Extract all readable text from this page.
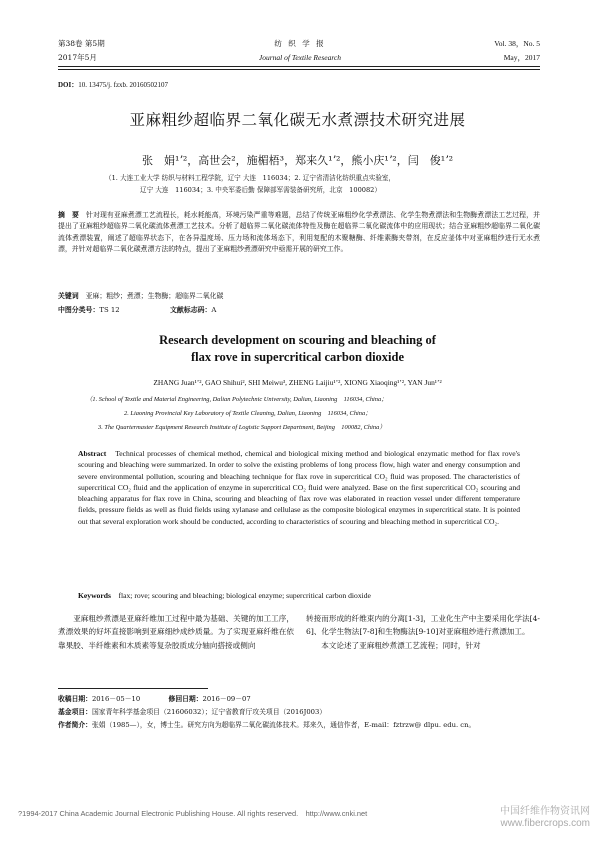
第38卷 第5期
2017年5月
纺 织 学 报
Journal of Textile Research
Vol. 38，No. 5
May，2017
DOI：10. 13475/j. fzxb. 20160502107
亚麻粗纱超临界二氧化碳无水煮漂技术研究进展
张　娟¹ʼ²，高世会²，施楣梧³，郑来久¹ʼ²，熊小庆¹ʼ²，闫　俊¹ʼ²
（1. 大连工业大学 纺织与材料工程学院，辽宁 大连　116034；2. 辽宁省清洁化纺织重点实验室，
辽宁 大连　116034；3. 中央军委后勤 保障部军需装备研究所，北京　100082）
摘　要　 针对现有亚麻煮漂工艺流程长，耗水耗能高，环境污染严重等难题，总结了传统亚麻粗纱化学煮漂法、化学生物煮漂法和生物酶煮漂法工艺过程，并提出了亚麻粗纱超临界二氧化碳流体煮漂工艺技术。分析了超临界二氧化碳流体特性及酶在超临界二氧化碳流体中的应用现状；结合亚麻粗纱超临界二氧化碳流体煮漂装置，阐述了超临界状态下，在各异温度场、压力场和流体场态下，利用复配的木聚糖酶、纤维素酶夹带剂，在反应釜体中对亚麻粗纱进行无水煮漂，并针对超临界二氧化碳煮漂方法的特点，提出了亚麻粗纱煮漂研究中亟需开展的研究工作。
关键词　 亚麻；粗纱；煮漂；生物酶；超临界二氧化碳
中图分类号：TS 12	文献标志码：A
Research development on scouring and bleaching of
flax rove in supercritical carbon dioxide
ZHANG Juan¹ʼ², GAO Shihui², SHI Meiwu³, ZHENG Laijiu¹ʼ², XIONG Xiaoqing¹ʼ², YAN Jun¹ʼ²
（1. School of Textile and Material Engineering, Dalian Polytechnic University, Dalian, Liaoning　116034, China；
2. Liaoning Provincial Key Laboratory of Textile Cleaning, Dalian, Liaoning　116034, China；
3. The Quartermaster Equipment Research Institute of Logistic Support Department, Beijing　100082, China）
Abstract　 Technical processes of chemical method, chemical and biological mixing method and biological enzymatic method for flax rove's scouring and bleaching were summarized. In order to solve the existing problems of long process flow, high water and energy consumption and severe environmental pollution, scouring and bleaching technique for flax rove in supercritical CO₂ fluid was proposed. The characteristics of supercritical CO₂ fluid and the application of enzyme in supercritical CO₂ fluid were analyzed. Base on the first supercritical CO₂ scouring and bleaching apparatus for flax rove in China, scouring and bleaching of flax rove was elaborated in reaction vessel under different temperature fields, pressure fields as well as fluid fields using xylanase and cellulase as the composite biological enzymes in supercritical state. It is pointed out that several exploration work should be conducted, according to characteristics of scouring and bleaching method in supercritical CO₂.
Keywords　 flax; rove; scouring and bleaching; biological enzyme; supercritical carbon dioxide
亚麻粗纱煮漂是亚麻纤维加工过程中最为基础、关键的加工工序，煮漂效果的好坏直接影响到亚麻细纱成纱质量。为了实现亚麻纤维在依靠果胶、半纤维素和木质素等复杂胶质成分轴向搭接或侧向
转接而形成的纤维束内的分离[1-3]，工业化生产中主要采用化学法[4-6]、化学生物法[7-8]和生物酶法[9-10]对亚麻粗纱进行煮漂加工。
本文论述了亚麻粗纱煮漂工艺流程；同时，针对
收稿日期：2016－05－10	修回日期：2016－09－07
基金项目：国家青年科学基金项目（21606032）；辽宁省教育厅攻关项目（2016J003）
作者简介：张娟（1985—），女，博士生。研究方向为超临界二氧化碳流体技术。郑来久，通信作者，E-mail：fztrzw@ dlpu. edu. cn。
?1994-2017 China Academic Journal Electronic Publishing House. All rights reserved.　http://www.cnki.net	中国纤维作物资讯网 www.fibercrops.com
